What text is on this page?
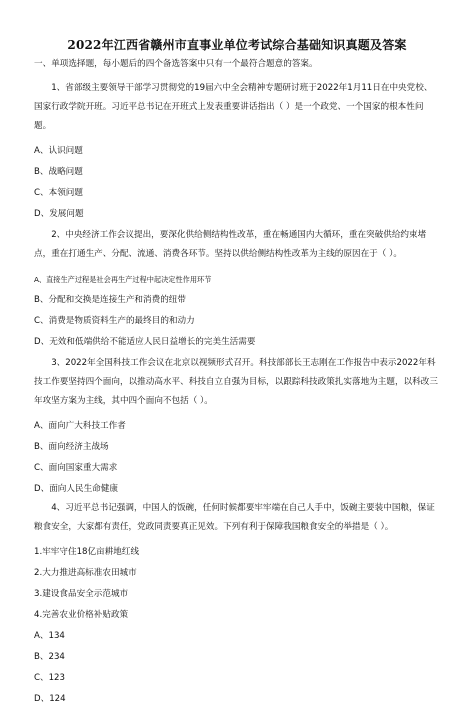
2022年江西省赣州市直事业单位考试综合基础知识真题及答案

一、单项选择题，每小题后的四个备选答案中只有一个最符合题意的答案。

1、省部级主要领导干部学习贯彻党的19届六中全会精神专题研讨班于2022年1月11日在中央党校、国家行政学院开班。习近平总书记在开班式上发表重要讲话指出（ ）是一个政党、一个国家的根本性问题。

A、认识问题

B、战略问题

C、本领问题

D、发展问题

2、中央经济工作会议提出，要深化供给侧结构性改革，重在畅通国内大循环，重在突破供给约束堵点，重在打通生产、分配、流通、消费各环节。坚持以供给侧结构性改革为主线的原因在于（ ）。

A、直接生产过程是社会再生产过程中起决定性作用环节

B、分配和交换是连接生产和消费的纽带

C、消费是物质资料生产的最终目的和动力

D、无效和低端供给不能适应人民日益增长的完美生活需要

3、2022年全国科技工作会议在北京以视频形式召开。科技部部长王志刚在工作报告中表示2022年科技工作要坚持四个面向，以推动高水平、科技自立自强为目标，以跟踪科技政策扎实落地为主题，以科改三年攻坚方案为主线，其中四个面向不包括（ ）。

A、面向广大科技工作者

B、面向经济主战场

C、面向国家重大需求

D、面向人民生命健康

4、习近平总书记强调，中国人的饭碗，任何时候都要牢牢端在自己人手中，饭碗主要装中国粮，保证粮食安全，大家都有责任，党政同责要真正见效。下列有利于保障我国粮食安全的举措是（ ）。

1.牢牢守住18亿亩耕地红线

2.大力推进高标准农田城市

3.建设食品安全示范城市

4.完善农业价格补贴政策

A、134

B、234

C、123

D、124
